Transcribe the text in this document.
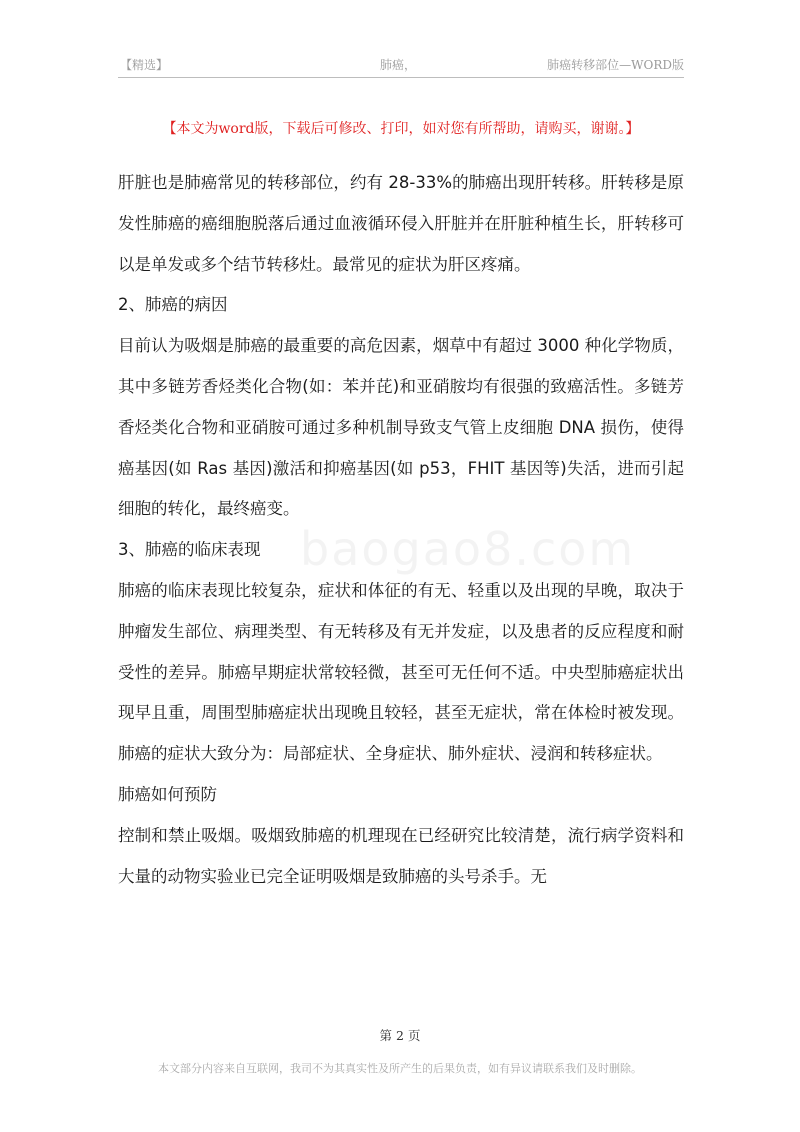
【精选】	肺癌，	肺癌转移部位—WORD版
【本文为word版，下载后可修改、打印，如对您有所帮助，请购买，谢谢。】

肝脏也是肺癌常见的转移部位，约有 28-33%的肺癌出现肝转移。肝转移是原发性肺癌的癌细胞脱落后通过血液循环侵入肝脏并在肝脏种植生长，肝转移可以是单发或多个结节转移灶。最常见的症状为肝区疼痛。

2、肺癌的病因

目前认为吸烟是肺癌的最重要的高危因素，烟草中有超过 3000 种化学物质，其中多链芳香烃类化合物(如：苯并芘)和亚硝胺均有很强的致癌活性。多链芳香烃类化合物和亚硝胺可通过多种机制导致支气管上皮细胞 DNA 损伤，使得癌基因(如 Ras 基因)激活和抑癌基因(如 p53，FHIT 基因等)失活，进而引起细胞的转化，最终癌变。

3、肺癌的临床表现

肺癌的临床表现比较复杂，症状和体征的有无、轻重以及出现的早晚，取决于肿瘤发生部位、病理类型、有无转移及有无并发症，以及患者的反应程度和耐受性的差异。肺癌早期症状常较轻微，甚至可无任何不适。中央型肺癌症状出现早且重，周围型肺癌症状出现晚且较轻，甚至无症状，常在体检时被发现。肺癌的症状大致分为：局部症状、全身症状、肺外症状、浸润和转移症状。

肺癌如何预防

控制和禁止吸烟。吸烟致肺癌的机理现在已经研究比较清楚，流行病学资料和大量的动物实验业已完全证明吸烟是致肺癌的头号杀手。无

baogao8.com
第 2 页
本文部分内容来自互联网，我司不为其真实性及所产生的后果负责，如有异议请联系我们及时删除。
